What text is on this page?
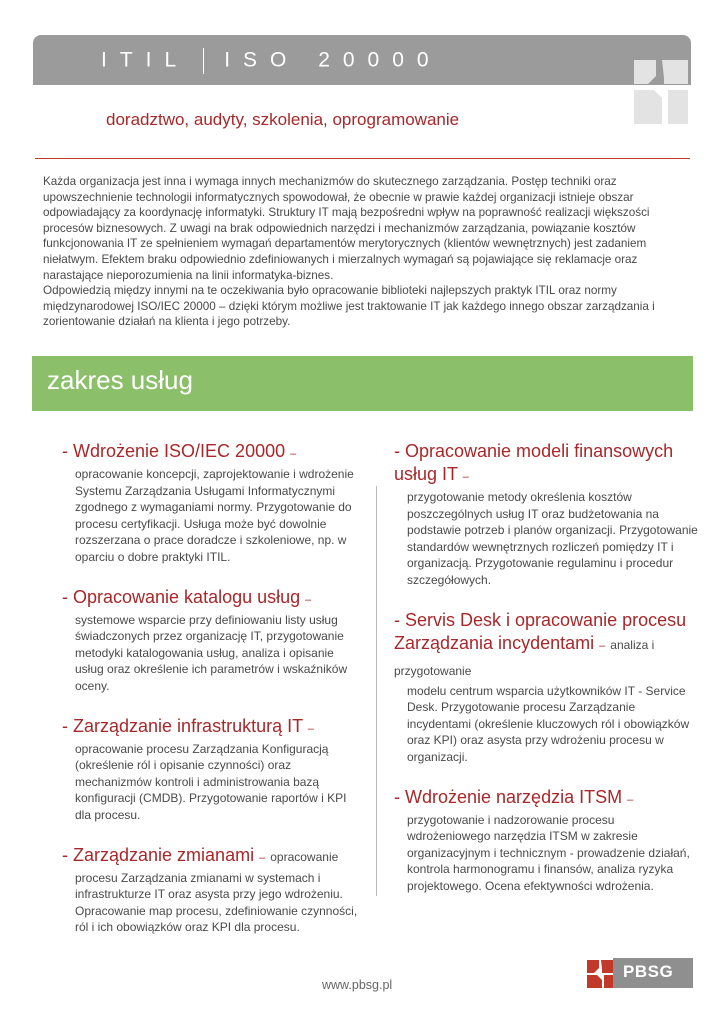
ITIL ISO 20000
doradztwo, audyty, szkolenia, oprogramowanie

Każda organizacja jest inna i wymaga innych mechanizmów do skutecznego zarządzania. Postęp techniki oraz upowszechnienie technologii informatycznych spowodował, że obecnie w prawie każdej organizacji istnieje obszar odpowiadający za koordynację informatyki. Struktury IT mają bezpośredni wpływ na poprawność realizacji większości procesów biznesowych. Z uwagi na brak odpowiednich narzędzi i mechanizmów zarządzania, powiązanie kosztów funkcjonowania IT ze spełnieniem wymagań departamentów merytorycznych (klientów wewnętrznych) jest zadaniem niełatwym. Efektem braku odpowiednio zdefiniowanych i mierzalnych wymagań są pojawiające się reklamacje oraz narastające nieporozumienia na linii informatyka-biznes.

Odpowiedzią między innymi na te oczekiwania było opracowanie biblioteki najlepszych praktyk ITIL oraz normy międzynarodowej ISO/IEC 20000 – dzięki którym możliwe jest traktowanie IT jak każdego innego obszar zarządzania i zorientowanie działań na klienta i jego potrzeby.

zakres usług
- Wdrożenie ISO/IEC 20000 –
opracowanie koncepcji, zaprojektowanie i wdrożenie Systemu Zarządzania Usługami Informatycznymi zgodnego z wymaganiami normy. Przygotowanie do procesu certyfikacji. Usługa może być dowolnie rozszerzana o prace doradcze i szkoleniowe, np. w oparciu o dobre praktyki ITIL.
- Opracowanie katalogu usług –
systemowe wsparcie przy definiowaniu listy usług świadczonych przez organizację IT, przygotowanie metodyki katalogowania usług, analiza i opisanie usług oraz określenie ich parametrów i wskaźników oceny.
- Zarządzanie infrastrukturą IT –
opracowanie procesu Zarządzania Konfiguracją (określenie ról i opisanie czynności) oraz mechanizmów kontroli i administrowania bazą konfiguracji (CMDB). Przygotowanie raportów i KPI dla procesu.
- Zarządzanie zmianami – opracowanie
procesu Zarządzania zmianami w systemach i infrastrukturze IT oraz asysta przy jego wdrożeniu. Opracowanie map procesu, zdefiniowanie czynności, ról i ich obowiązków oraz KPI dla procesu.
- Opracowanie modeli finansowych usług IT –
przygotowanie metody określenia kosztów poszczególnych usług IT oraz budżetowania na podstawie potrzeb i planów organizacji. Przygotowanie standardów wewnętrznych rozliczeń pomiędzy IT i organizacją. Przygotowanie regulaminu i procedur szczegółowych.
- Servis Desk i opracowanie procesu Zarządzania incydentami – analiza i przygotowanie
modelu centrum wsparcia użytkowników IT - Service Desk. Przygotowanie procesu Zarządzanie incydentami (określenie kluczowych ról i obowiązków oraz KPI) oraz asysta przy wdrożeniu procesu w organizacji.
- Wdrożenie narzędzia ITSM –
przygotowanie i nadzorowanie procesu wdrożeniowego narzędzia ITSM w zakresie organizacyjnym i technicznym - prowadzenie działań, kontrola harmonogramu i finansów, analiza ryzyka projektowego. Ocena efektywności wdrożenia.
www.pbsg.pl
PBSG
